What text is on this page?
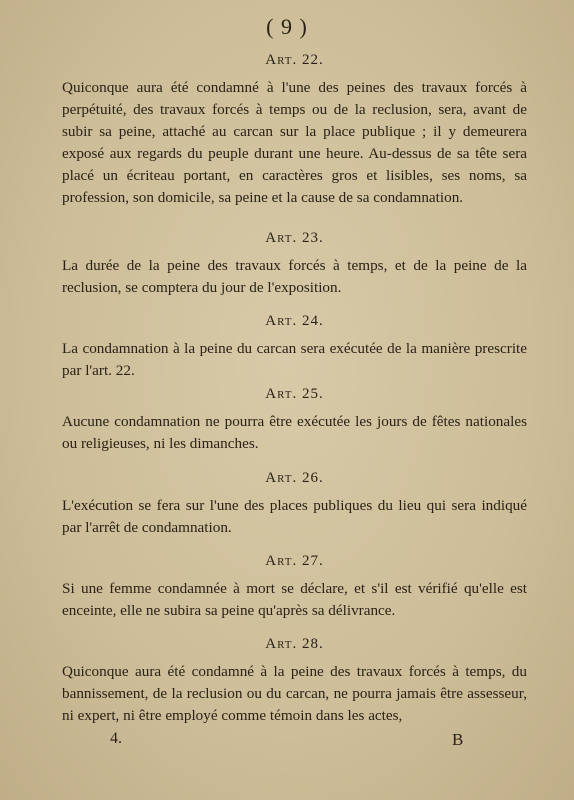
( 9 )
Art. 22.
Quiconque aura été condamné à l'une des peines des travaux forcés à perpétuité, des travaux forcés à temps ou de la reclusion, sera, avant de subir sa peine, attaché au carcan sur la place publique ; il y demeurera exposé aux regards du peuple durant une heure. Au-dessus de sa tête sera placé un écriteau portant, en caractères gros et lisibles, ses noms, sa profession, son domicile, sa peine et la cause de sa condamnation.
Art. 23.
La durée de la peine des travaux forcés à temps, et de la peine de la reclusion, se comptera du jour de l'exposition.
Art. 24.
La condamnation à la peine du carcan sera exécutée de la manière prescrite par l'art. 22.
Art. 25.
Aucune condamnation ne pourra être exécutée les jours de fêtes nationales ou religieuses, ni les dimanches.
Art. 26.
L'exécution se fera sur l'une des places publiques du lieu qui sera indiqué par l'arrêt de condamnation.
Art. 27.
Si une femme condamnée à mort se déclare, et s'il est vérifié qu'elle est enceinte, elle ne subira sa peine qu'après sa délivrance.
Art. 28.
Quiconque aura été condamné à la peine des travaux forcés à temps, du bannissement, de la reclusion ou du carcan, ne pourra jamais être assesseur, ni expert, ni être employé comme témoin dans les actes,
4.	B
